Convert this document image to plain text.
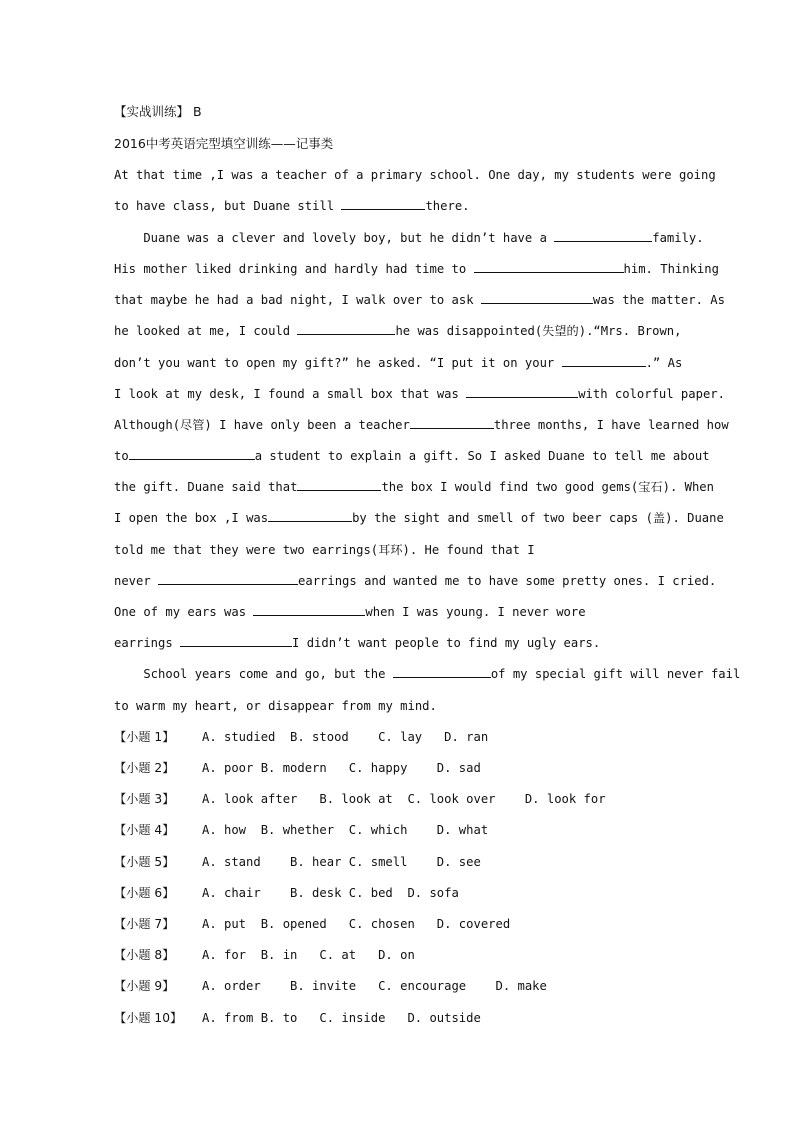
【实战训练】 B
2016中考英语完型填空训练——记事类
At that time ,I was a teacher of a primary school. One day, my students were going
to have class, but Duane still	there.
Duane was a clever and lovely boy, but he didn’t have a	family.
His mother liked drinking and hardly had time to	him. Thinking
that maybe he had a bad night, I walk over to ask	was the matter. As
he looked at me, I could	he was disappointed(失望的).“Mrs. Brown,
don’t you want to open my gift?” he asked. “I put it on your	.” As
I look at my desk, I found a small box that was	with colorful paper.
Although(尽管) I have only been a teacher	three months, I have learned how
to	a student to explain a gift. So I asked Duane to tell me about
the gift. Duane said that	the box I would find two good gems(宝石). When
I open the box ,I was	by the sight and smell of two beer caps (盖). Duane
told me that they were two earrings(耳环). He found that I
never	earrings and wanted me to have some pretty ones. I cried.
One of my ears was	when I was young. I never wore
earrings	I didn’t want people to find my ugly ears.
School years come and go, but the	of my special gift will never fail
to warm my heart, or disappear from my mind.
【小题 1】 A. studied  B. stood    C. lay   D. ran
【小题 2】 A. poor B. modern   C. happy    D. sad
【小题 3】 A. look after   B. look at  C. look over    D. look for
【小题 4】 A. how  B. whether  C. which    D. what
【小题 5】 A. stand    B. hear C. smell    D. see
【小题 6】 A. chair    B. desk C. bed  D. sofa
【小题 7】 A. put  B. opened   C. chosen   D. covered
【小题 8】 A. for  B. in   C. at   D. on
【小题 9】 A. order    B. invite   C. encourage    D. make
【小题 10】 A. from B. to   C. inside   D. outside
